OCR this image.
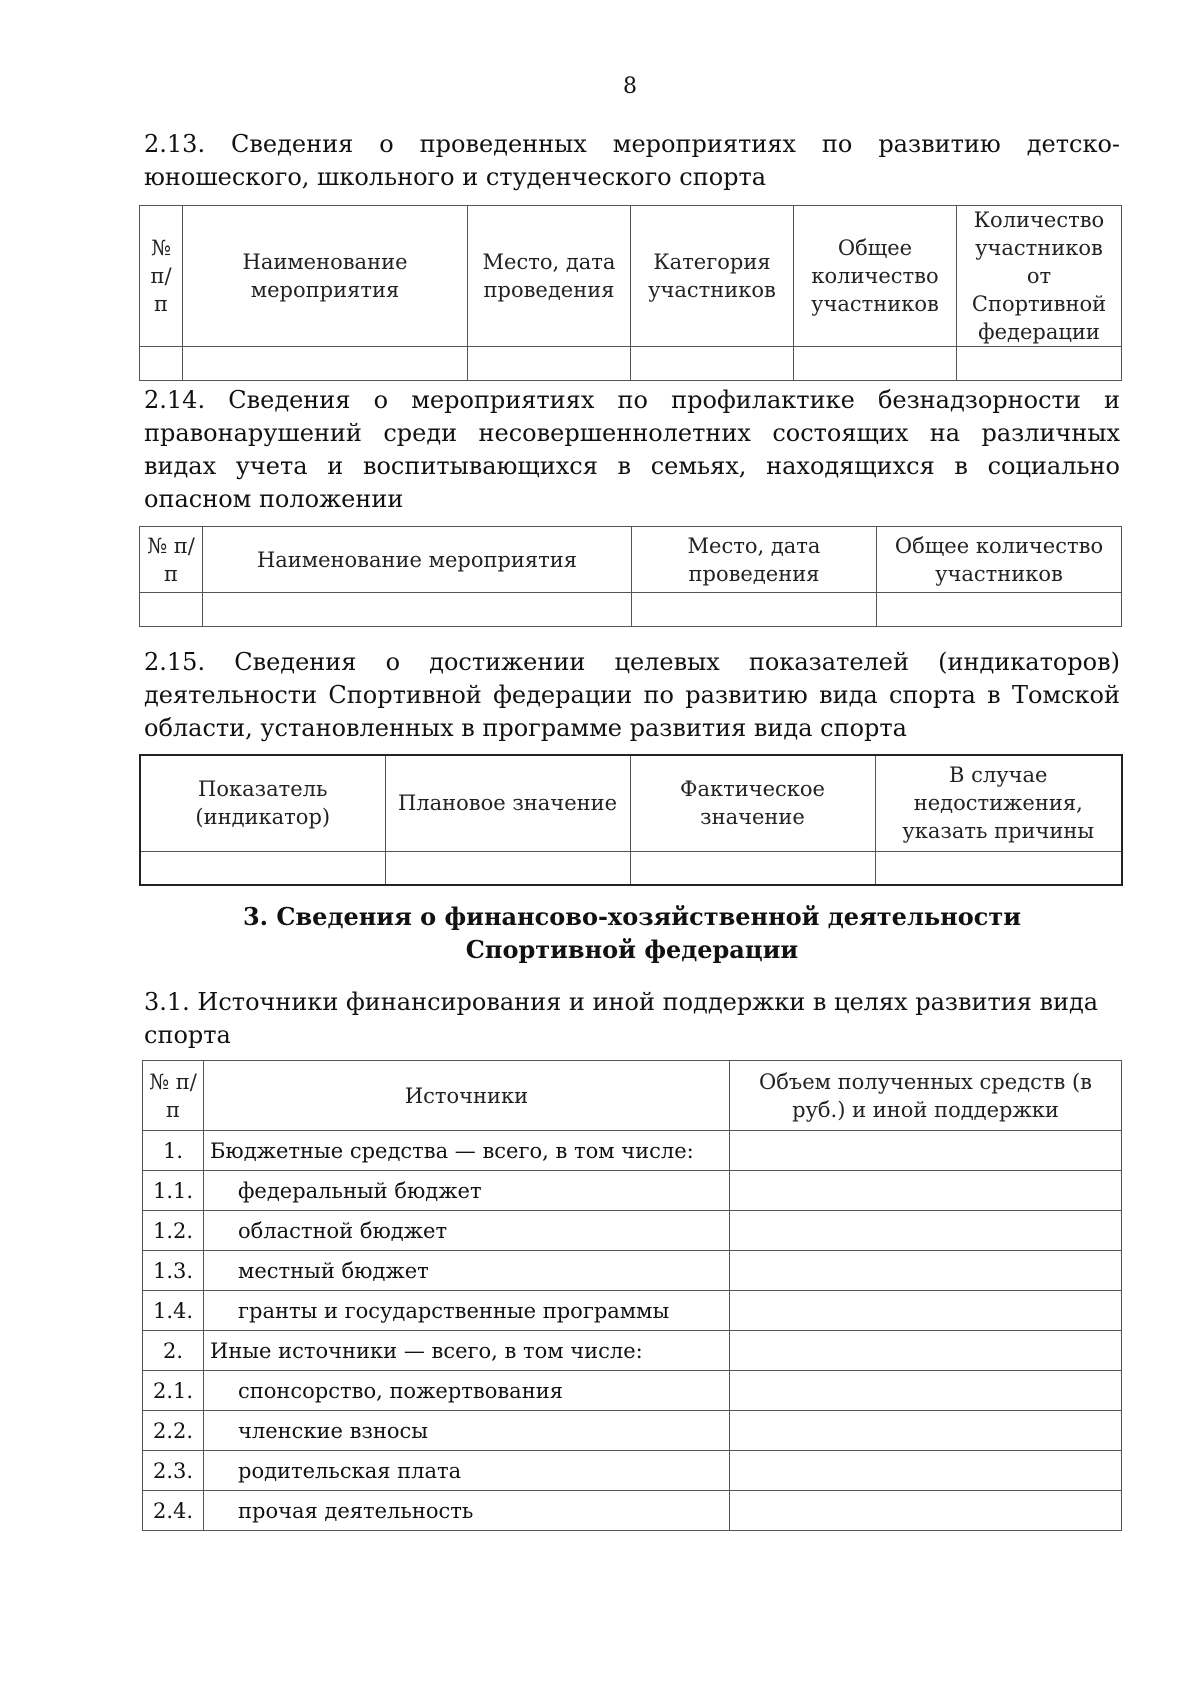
8

2.13. Сведения о проведенных мероприятиях по развитию детско-юношеского, школьного и студенческого спорта

№ п/п	Наименование мероприятия	Место, дата проведения	Категория участников	Общее количество участников	Количество участников от Спортивной федерации

2.14. Сведения о мероприятиях по профилактике безнадзорности и правонарушений среди несовершеннолетних состоящих на различных видах учета и воспитывающихся в семьях, находящихся в социально опасном положении

№ п/п	Наименование мероприятия	Место, дата проведения	Общее количество участников

2.15. Сведения о достижении целевых показателей (индикаторов) деятельности Спортивной федерации по развитию вида спорта в Томской области, установленных в программе развития вида спорта

Показатель (индикатор)	Плановое значение	Фактическое значение	В случае недостижения, указать причины

3. Сведения о финансово-хозяйственной деятельности
Спортивной федерации

3.1. Источники финансирования и иной поддержки в целях развития вида спорта

№ п/п	Источники	Объем полученных средств (в руб.) и иной поддержки
1.	Бюджетные средства — всего, в том числе:	
1.1.	федеральный бюджет	
1.2.	областной бюджет	
1.3.	местный бюджет	
1.4.	гранты и государственные программы	
2.	Иные источники — всего, в том числе:	
2.1.	спонсорство, пожертвования	
2.2.	членские взносы	
2.3.	родительская плата	
2.4.	прочая деятельность	
